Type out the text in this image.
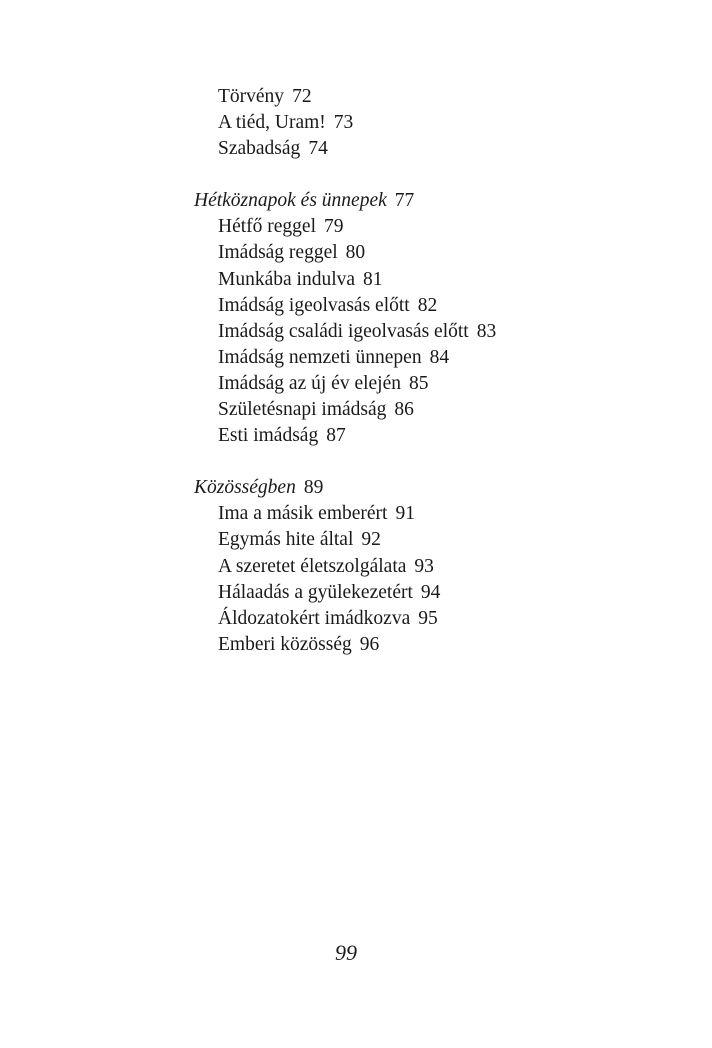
Törvény 72
A tiéd, Uram! 73
Szabadság 74
Hétköznapok és ünnepek 77
Hétfő reggel 79
Imádság reggel 80
Munkába indulva 81
Imádság igeolvasás előtt 82
Imádság családi igeolvasás előtt 83
Imádság nemzeti ünnepen 84
Imádság az új év elején 85
Születésnapi imádság 86
Esti imádság 87
Közösségben 89
Ima a másik emberért 91
Egymás hite által 92
A szeretet életszolgálata 93
Hálaadás a gyülekezetért 94
Áldozatokért imádkozva 95
Emberi közösség 96
99
